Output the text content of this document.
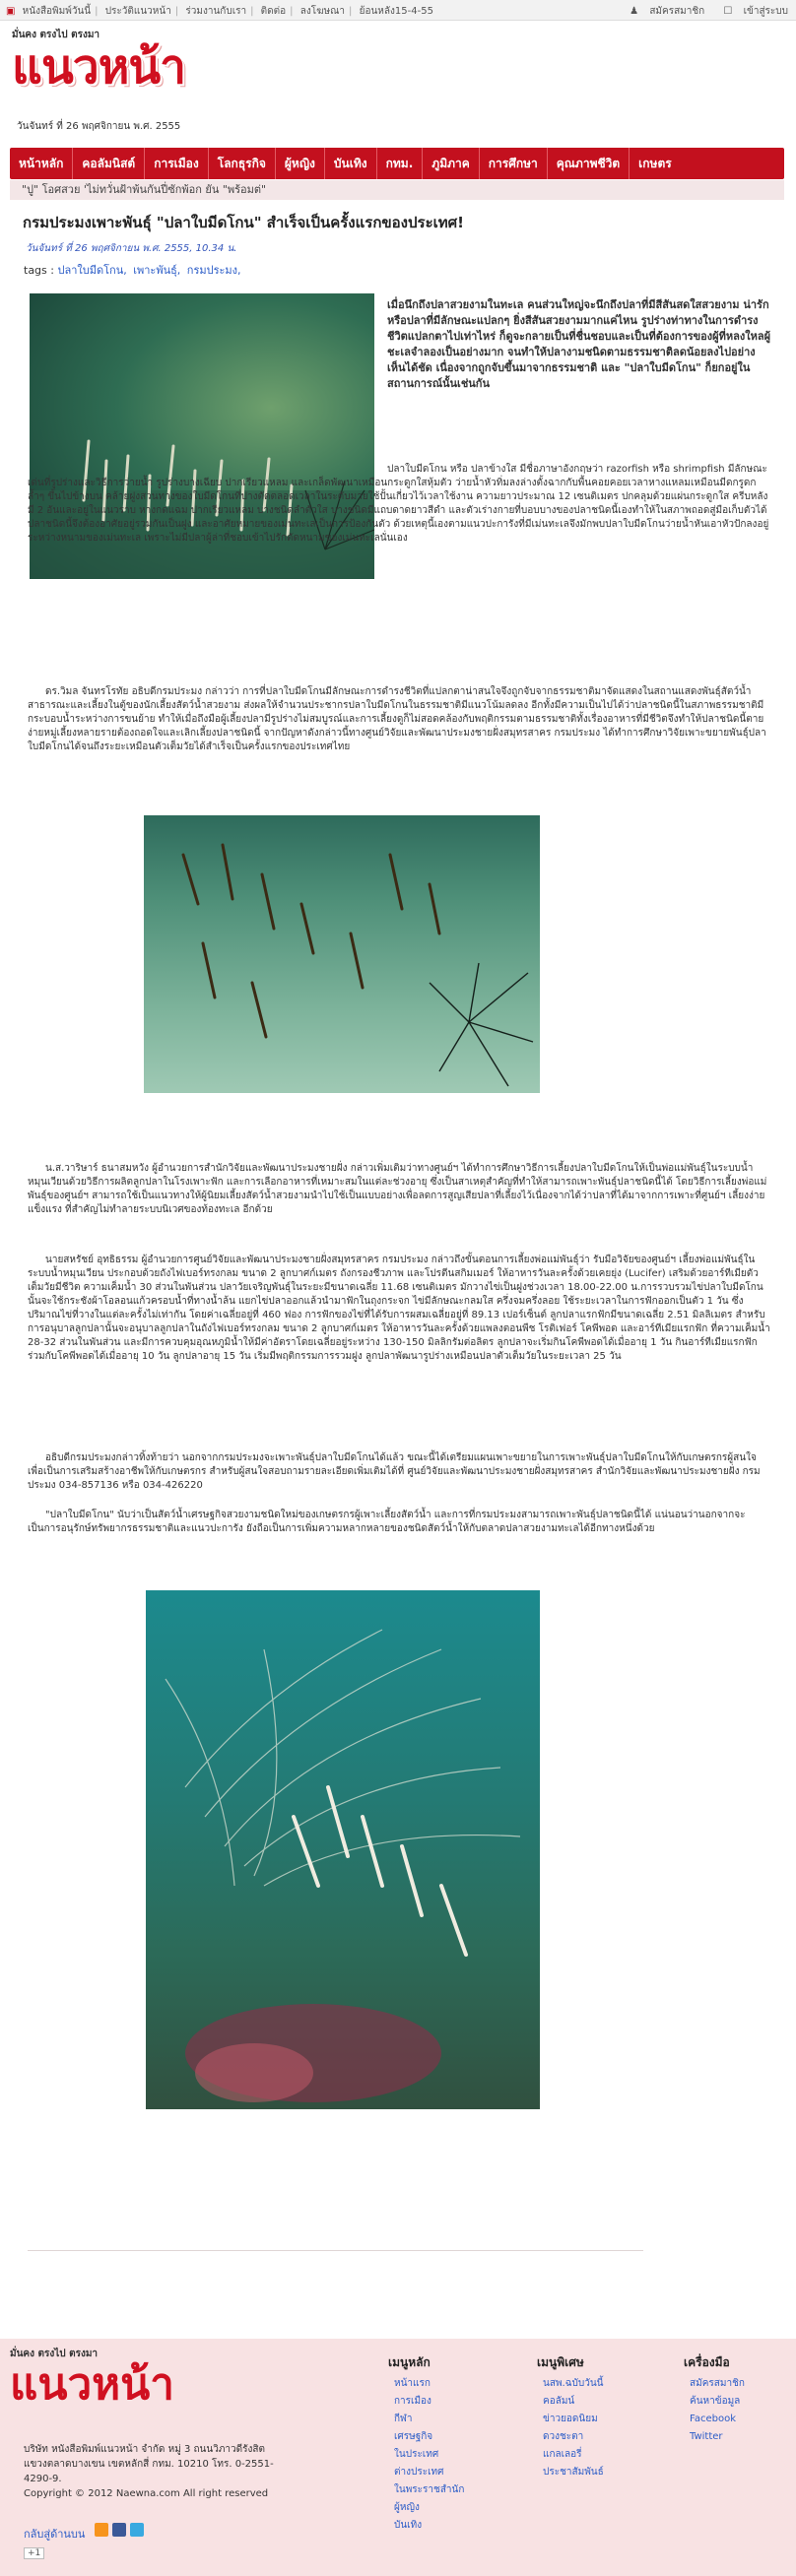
▣ หนังสือพิมพ์วันนี้ | ประวัติแนวหน้า | ร่วมงานกับเรา | ติดต่อ | ลงโฆษณา | ย้อนหลัง15-4-55	♟ สมัครสมาชิก ☐ เข้าสู่ระบบ
มั่นคง ตรงไป ตรงมา
แนวหน้า
วันจันทร์ ที่ 26 พฤศจิกายน พ.ศ. 2555
หน้าหลัก	คอลัมนิสต์	การเมือง	โลกธุรกิจ	ผู้หญิง	บันเทิง	กทม.	ภูมิภาค	การศึกษา	คุณภาพชีวิต	เกษตร
"ปู" โอศสวย 'ไม่ทวั่นฝ้าพ้นกันปี่ซักพ้อก ยัน "พร้อมต่"
กรมประมงเพาะพันธุ์ "ปลาใบมีดโกน" สำเร็จเป็นครั้งแรกของประเทศ!
วันจันทร์ ที่ 26 พฤศจิกายน พ.ศ. 2555, 10.34 น.
tags : ปลาใบมีดโกน, เพาะพันธุ์, กรมประมง,
เมื่อนึกถึงปลาสวยงามในทะเล คนส่วนใหญ่จะนึกถึงปลาที่มีสีสันสดใสสวยงาม น่ารัก หรือปลาที่มีลักษณะแปลกๆ ยิ่งสีสันสวยงามมากแค่ไหน รูปร่างท่าทางในการดำรงชีวิตแปลกตาไปเท่าไหร่ ก็ดูจะกลายเป็นที่ชื่นชอบและเป็นที่ต้องการของผู้ที่หลงใหลผู้ชะเลจำลองเป็นอย่างมาก จนทำให้ปลางามชนิดตามธรรมชาติลดน้อยลงไปอย่างเห็นได้ชัด เนื่องจากถูกจับขึ้นมาจากธรรมชาติ และ "ปลาใบมีดโกน" ก็ยกอยู่ในสถานการณ์นั้นเช่นกัน
ปลาใบมีดโกน หรือ ปลาข้างใส มีชื่อภาษาอังกฤษว่า razorfish หรือ shrimpfish มีลักษณะเด่นที่รูปร่างและวิธีการว่ายน้ำ รูปร่างบางเฉียบ ปากเรียวแหลม และเกล็ดพัฒนาเหมือนกระดูกใสหุ้มตัว ว่ายน้ำหัวทิ่มลงล่างตั้งฉากกับพื้นคอยคอยเวลาหางแหลมเหมือนมีดกรูดกล้ำๆ ขึ้นไปข้างบน คล้ายฝูงสวนทางของใบมีดโกนที่ปางตัดตลอดเวลาในระดับมายใช้ปั้นเกี่ยวไว้เวลาใช้งาน ความยาวประมาณ 12 เซนติเมตร ปกคลุมด้วยแผ่นกระดูกใส ครีบหลังมี 2 อันและอยู่ในแนวราบ หางกดแฉม ปากเรียวแหลม บางชนิดลำตัวใส บางชนิดมีแถบดาดยาวสีดำ และตัวเร่างกายที่บอบบางของปลาชนิดนี้เองทำให้ในสภาพถอดสู่มือเก็บตัวได้ ปลาชนิดนี้จึงต้องอาศัยอยู่รวมกันเป็นฝูง และอาศัยหมายของเม่นทะเลเป็นการป้องกันตัว ด้วยเหตุนี้เองตามแนวปะการังที่มีเม่นทะเลจึงมักพบปลาใบมีดโกนว่ายน้ำหันเอาหัวปักลงอยู่ระหว่างหนามของเม่นทะเล เพราะไม่มีปลาผู้ล่าที่ชอบเข้าไปรักตัดหนามของเม่นทะเลนั่นเอง
ดร.วิมล จันทรโรทัย อธิบดีกรมประมง กล่าวว่า การที่ปลาใบมีดโกนมีลักษณะการดำรงชีวิตที่แปลกตาน่าสนใจจึงถูกจับจากธรรมชาติมาจัดแสดงในสถานแสดงพันธุ์สัตว์น้ำสาธารณะและเลี้ยงในตู้ของนักเลี้ยงสัตว์น้ำสวยงาม ส่งผลให้จำนวนประชากรปลาใบมีดโกนในธรรมชาติมีแนวโน้มลดลง อีกทั้งมีความเป็นไปได้ว่าปลาชนิดนี้ในสภาพธรรมชาติมีกระบอบน้ำระหว่างการขนย้าย ทำให้เมื่อถึงมือผู้เลี้ยงปลามีรูปร่างไม่สมบูรณ์และการเลี้ยงดูก็ไม่สอดคล้องกับพฤติกรรมตามธรรมชาติทั้งเรื่องอาหารที่มีชีวิตจึงทำให้ปลาชนิดนี้ตายง่ายหมู่เลี้ยงหลายรายต้องถอดใจและเลิกเลี้ยงปลาชนิดนี้ จากปัญหาดังกล่าวนี้ทางศูนย์วิจัยและพัฒนาประมงชายฝั่งสมุทรสาคร กรมประมง ได้ทำการศึกษาวิจัยเพาะขยายพันธุ์ปลาใบมีดโกนได้จนถึงระยะเหมือนตัวเต็มวัยได้สำเร็จเป็นครั้งแรกของประเทศไทย
น.ส.วาริษาร์ ธนาสมหวัง ผู้อำนวยการสำนักวิจัยและพัฒนาประมงชายฝั่ง กล่าวเพิ่มเติมว่าทางศูนย์ฯ ได้ทำการศึกษาวิธีการเลี้ยงปลาใบมีดโกนให้เป็นพ่อแม่พันธุ์ในระบบน้ำหมุนเวียนด้วยวิธีการผลิตลูกปลาในโรงเพาะฟัก และการเลือกอาหารที่เหมาะสมในแต่ละช่วงอายุ ซึ่งเป็นสาเหตุสำคัญที่ทำให้สามารถเพาะพันธุ์ปลาชนิดนี้ได้ โดยวิธีการเลี้ยงพ่อแม่พันธุ์ของศูนย์ฯ สามารถใช้เป็นแนวทางให้ผู้นิยมเลี้ยงสัตว์น้ำสวยงามนำไปใช้เป็นแบบอย่างเพื่อลดการสูญเสียปลาที่เลี้ยงไว้เนื่องจากได้ว่าปลาที่ได้มาจากการเพาะที่ศูนย์ฯ เลี้ยงง่าย แข็งแรง ที่สำคัญไม่ทำลายระบบนิเวศของท้องทะเล อีกด้วย
นายสหรัชย์ อุทธิธรรม ผู้อำนวยการศูนย์วิจัยและพัฒนาประมงชายฝั่งสมุทรสาคร กรมประมง กล่าวถึงขั้นตอนการเลี้ยงพ่อแม่พันธุ์ว่า รับมือวิจัยของศูนย์ฯ เลี้ยงพ่อแม่พันธุ์ในระบบน้ำหมุนเวียน ประกอบด้วยถังไฟเบอร์ทรงกลม ขนาด 2 ลูกบาศก์เมตร ถังกรองชีวภาพ และโปรตีนสกิมเมอร์ ให้อาหารวันละครั้งด้วยเคยยุ่ง (Lucifer) เสริมด้วยอาร์ทีเมียตัวเต็มวัยมีชีวิต ความเค็มน้ำ 30 ส่วนในพันส่วน ปลาวัยเจริญพันธุ์ในระยะมีขนาดเฉลี่ย 11.68 เซนติเมตร มักวางไข่เป็นฝูงช่วงเวลา 18.00-22.00 น.การรวบรวมไข่ปลาใบมีดโกนนั้นจะใช้กระชังผ้าโอลอนแก้วครอบน้ำที่ทางน้ำล้น แยกไข่ปลาออกแล้วนำมาฟักในถุงกระจก ไข่มีลักษณะกลมใส ครึ่งจมครึ่งลอย ใช้ระยะเวลาในการฟักออกเป็นตัว 1 วัน ซึ่งปริมาณไข่ที่วางในแต่ละครั้งไม่เท่ากัน โดยค่าเฉลี่ยอยู่ที่ 460 ฟอง การฟักของไข่ที่ได้รับการผสมเฉลี่ยอยู่ที่ 89.13 เปอร์เซ็นต์ ลูกปลาแรกฟักมีขนาดเฉลี่ย 2.51 มิลลิเมตร สำหรับการอนุบาลลูกปลานั้นจะอนุบาลลูกปลาในถังไฟเบอร์ทรงกลม ขนาด 2 ลูกบาศก์เมตร ให้อาหารวันละครั้งด้วยแพลงตอนพืช โรติเฟอร์ โคพีพอด และอาร์ทีเมียแรกฟัก ที่ความเค็มน้ำ 28-32 ส่วนในพันส่วน และมีการควบคุมอุณหภูมิน้ำให้มีค่าอัตราโดยเฉลี่ยอยู่ระหว่าง 130-150 มิลลิกรัมต่อลิตร ลูกปลาจะเริ่มกินโคพีพอดได้เมื่ออายุ 1 วัน กินอาร์ทีเมียแรกฟักร่วมกับโคพีพอดได้เมื่ออายุ 10 วัน ลูกปลาอายุ 15 วัน เริ่มมีพฤติกรรมการรวมฝูง ลูกปลาพัฒนารูปร่างเหมือนปลาตัวเต็มวัยในระยะเวลา 25 วัน
อธิบดีกรมประมงกล่าวทิ้งท้ายว่า นอกจากกรมประมงจะเพาะพันธุ์ปลาใบมีดโกนได้แล้ว ขณะนี้ได้เตรียมแผนเพาะขยายในการเพาะพันธุ์ปลาใบมีดโกนให้กับเกษตรกรผู้สนใจ เพื่อเป็นการเสริมสร้างอาชีพให้กับเกษตรกร สำหรับผู้สนใจสอบถามรายละเอียดเพิ่มเติมได้ที่ ศูนย์วิจัยและพัฒนาประมงชายฝั่งสมุทรสาคร สำนักวิจัยและพัฒนาประมงชายฝั่ง กรมประมง 034-857136 หรือ 034-426220
"ปลาใบมีดโกน" นับว่าเป็นสัตว์น้ำเศรษฐกิจสวยงามชนิดใหม่ของเกษตรกรผู้เพาะเลี้ยงสัตว์น้ำ และการที่กรมประมงสามารถเพาะพันธุ์ปลาชนิดนี้ได้ แน่นอนว่านอกจากจะเป็นการอนุรักษ์ทรัพยากรธรรมชาติและแนวปะการัง ยังถือเป็นการเพิ่มความหลากหลายของชนิดสัตว์น้ำให้กับตลาดปลาสวยงามทะเลได้อีกทางหนึ่งด้วย
มั่นคง ตรงไป ตรงมา
แนวหน้า
บริษัท หนังสือพิมพ์แนวหน้า จำกัด หมู่ 3 ถนนวิภาวดีรังสิต แขวงตลาดบางเขน เขตหลักสี่ กทม. 10210 โทร. 0-2551-4290-9.
Copyright © 2012 Naewna.com All right reserved
กลับสู่ด้านบน
+1
เมนูหลัก
หน้าแรก
การเมือง
กีฬา
เศรษฐกิจ
ในประเทศ
ต่างประเทศ
ในพระราชสำนัก
ผู้หญิง
บันเทิง
เมนูพิเศษ
นสพ.ฉบับวันนี้
คอลัมน์
ข่าวยอดนิยม
ดวงชะตา
แกลเลอรี่
ประชาสัมพันธ์
เครื่องมือ
สมัครสมาชิก
ค้นหาข้อมูล
Facebook
Twitter
